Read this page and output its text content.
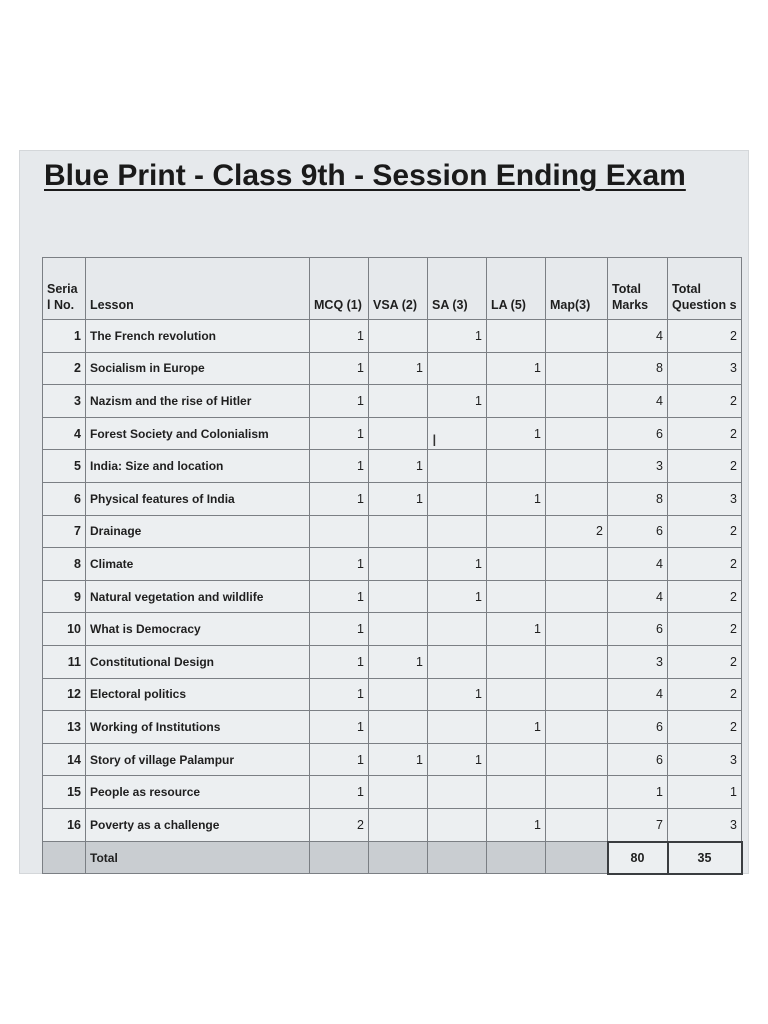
Blue Print - Class 9th - Session Ending Exam
Seria l No.	Lesson	MCQ (1)	VSA (2)	SA (3)	LA (5)	Map(3)	Total Marks	Total Question s
1	The French revolution	1		1			4	2
2	Socialism in Europe	1	1		1		8	3
3	Nazism and the rise of Hitler	1		1			4	2
4	Forest Society and Colonialism	1			1		6	2
5	India: Size and location	1	1				3	2
6	Physical features of India	1	1		1		8	3
7	Drainage					2	6	2
8	Climate	1		1			4	2
9	Natural vegetation and wildlife	1		1			4	2
10	What is Democracy	1			1		6	2
11	Constitutional Design	1	1				3	2
12	Electoral politics	1		1			4	2
13	Working of Institutions	1			1		6	2
14	Story of village Palampur	1	1	1			6	3
15	People as resource	1					1	1
16	Poverty as a challenge	2			1		7	3
	Total						80	35
I
